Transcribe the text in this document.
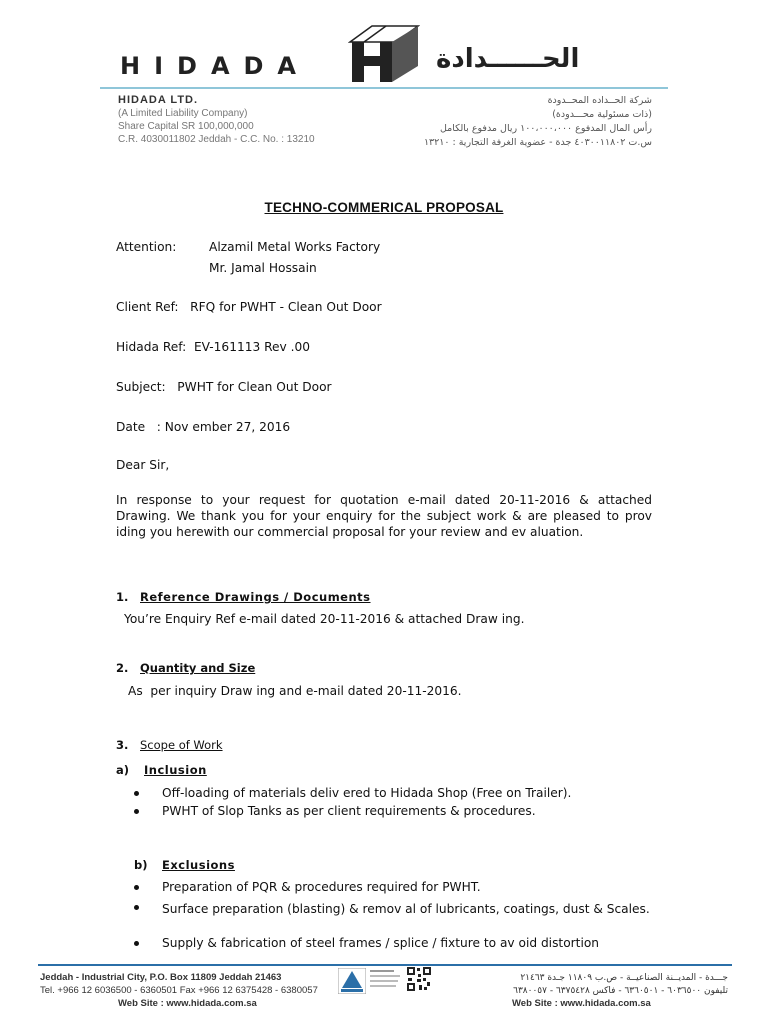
HIDADA	الحــــــدادة
HIDADA LTD.
(A Limited Liability Company)
Share Capital SR 100,000,000
C.R. 4030011802 Jeddah - C.C. No. : 13210
شركة الحــداده المحــدودة
(ذات مسئولية محـــدودة)
رأس المال المدفوع ١٠٠،٠٠٠،٠٠٠ ريال مدفوع بالكامل
س.ت ٤٠٣٠٠١١٨٠٢ جدة - عضوية الغرفة التجارية : ١٣٢١٠
TECHNO-COMMERICAL PROPOSAL
Attention:	Alzamil Metal Works Factory
Mr. Jamal Hossain
Client Ref:   RFQ for PWHT - Clean Out Door
Hidada Ref:  EV-161113 Rev .00
Subject:   PWHT for Clean Out Door
Date   : Nov ember 27, 2016
Dear Sir,
In response to your request for quotation e-mail dated 20-11-2016 & attached Drawing. We thank you for your enquiry for the subject work & are pleased to prov iding you herewith our commercial proposal for your review and ev aluation.
1. Reference Drawings / Documents
You’re Enquiry Ref e-mail dated 20-11-2016 & attached Draw ing.
2. Quantity and Size
As  per inquiry Draw ing and e-mail dated 20-11-2016.
3. Scope of Work
a) Inclusion
Off-loading of materials deliv ered to Hidada Shop (Free on Trailer).
PWHT of Slop Tanks as per client requirements & procedures.
b) Exclusions
Preparation of PQR & procedures required for PWHT.
Surface preparation (blasting) & remov al of lubricants, coatings, dust & Scales.
Supply & fabrication of steel frames / splice / fixture to av oid distortion
Jeddah - Industrial City, P.O. Box 11809 Jeddah 21463
Tel. +966 12 6036500 - 6360501 Fax +966 12 6375428 - 6380057
Web Site : www.hidada.com.sa
جـــدة - المديــنة الصناعيــة - ص.ب ١١٨٠٩ جـدة ٢١٤٦٣
تليفون ٦٠٣٦٥٠٠ - ٦٣٦٠٥٠١ - فاكس ٦٣٧٥٤٢٨ - ٦٣٨٠٠٥٧
Web Site : www.hidada.com.sa
